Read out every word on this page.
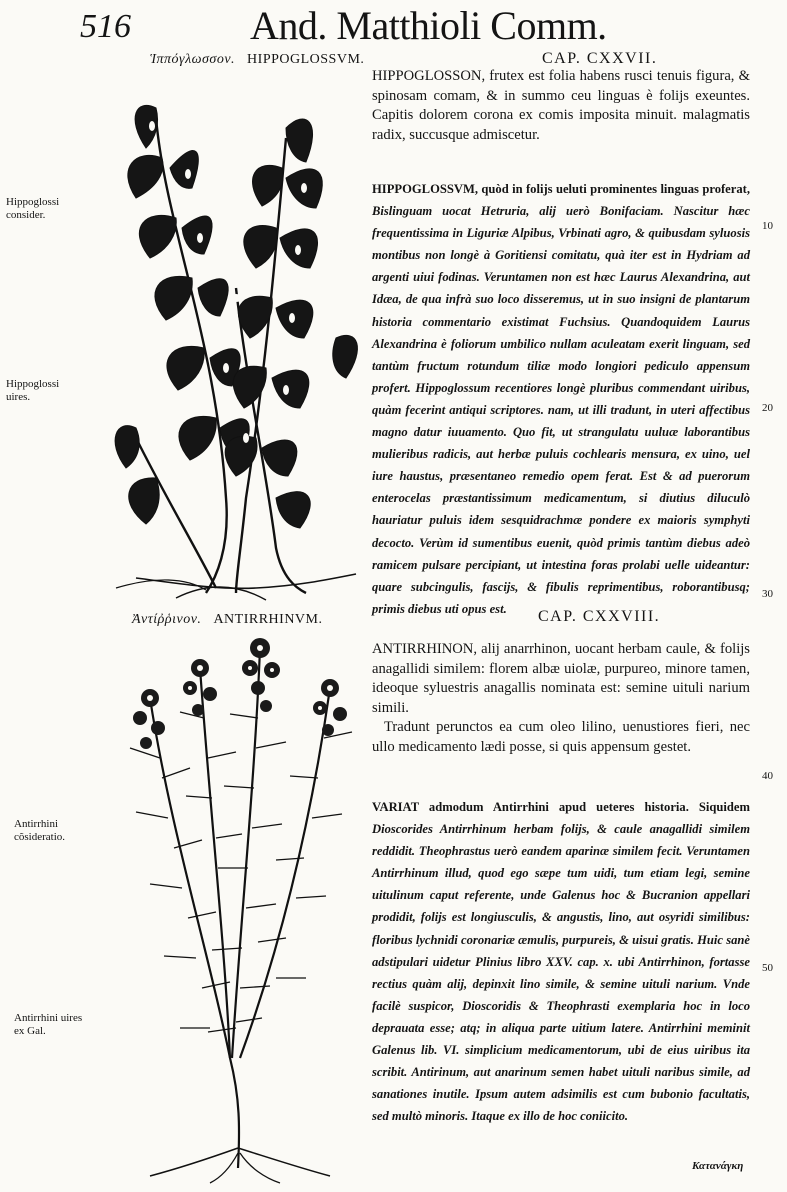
516	And. Matthioli Comm.
Ἱππόγλωσσον. HIPPOGLOSSVM.	CAP. CXXVII.

HIPPOGLOSSON, frutex est folia habens rusci tenuis figura, & spinosam comam, & in summo ceu linguas è folijs exeuntes. Capitis dolorem corona ex comis imposita minuit. malagmatis radix, succusque admiscetur.

HIPPOGLOSSVM, quòd in folijs ueluti prominentes linguas proferat, Bislinguam uocat Hetruria, alij uerò Bonifaciam. Nascitur hæc frequentissima in Liguriæ Alpibus, Vrbinati agro, & quibusdam syluosis montibus non longè à Goritiensi comitatu, quà iter est in Hydriam ad argenti uiui fodinas. Veruntamen non est hæc Laurus Alexandrina, aut Idæa, de qua infrà suo loco disseremus, ut in suo insigni de plantarum historia commentario existimat Fuchsius. Quandoquidem Laurus Alexandrina è foliorum umbilico nullam aculeatam exerit linguam, sed tantùm fructum rotundum tiliæ modo longiori pediculo appensum profert. Hippoglossum recentiores longè pluribus commendant uiribus, quàm fecerint antiqui scriptores. nam, ut illi tradunt, in uteri affectibus magno datur iuuamento. Quo fit, ut strangulatu uuluæ laborantibus mulieribus radicis, aut herbæ puluis cochlearis mensura, ex uino, uel iure haustus, præsentaneo remedio opem ferat. Est & ad puerorum enterocelas præstantissimum medicamentum, si diutius diluculò hauriatur puluis idem sesquidrachmæ pondere ex maioris symphyti decocto. Verùm id sumentibus euenit, quòd primis tantùm diebus adeò ramicem pulsare percipiant, ut intestina foras prolabi uelle uideantur: quare subcingulis, fascijs, & fibulis reprimentibus, roborantibusq; primis diebus uti opus est.

Hippoglossi consider.
Hippoglossi uires.
Ἀντίῤῥινον. ANTIRRHINVM.	CAP. CXXVIII.

ANTIRRHINON, alij anarrhinon, uocant herbam caule, & folijs anagallidi similem: florem albæ uiolæ, purpureo, minore tamen, ideoque syluestris anagallis nominata est: semine uituli narium simili.

Tradunt perunctos ea cum oleo lilino, uenustiores fieri, nec ullo medicamento lædi posse, si quis appensum gestet.

VARIAT admodum Antirrhini apud ueteres historia. Siquidem Dioscorides Antirrhinum herbam folijs, & caule anagallidi similem reddidit. Theophrastus uerò eandem aparinæ similem fecit. Veruntamen Antirrhinum illud, quod ego sæpe tum uidi, tum etiam legi, semine uitulinum caput referente, unde Galenus hoc & Bucranion appellari prodidit, folijs est longiusculis, & angustis, lino, aut osyridi similibus: floribus lychnidi coronariæ æmulis, purpureis, & uisui gratis. Huic sanè adstipulari uidetur Plinius libro XXV. cap. x. ubi Antirrhinon, fortasse rectius quàm alij, depinxit lino simile, & semine uituli narium. Vnde facilè suspicor, Dioscoridis & Theophrasti exemplaria hoc in loco deprauata esse; atq; in aliqua parte uitium latere. Antirrhini meminit Galenus lib. VI. simplicium medicamentorum, ubi de eius uiribus ita scribit. Antirinum, aut anarinum semen habet uituli naribus simile, ad sanationes inutile. Ipsum autem adsimilis est cum bubonio facultatis, sed multò minoris. Itaque ex illo de hoc coniicito.

Antirrhini cõsideratio.
Antirrhini uires ex Gal.
10
20
30
40
50
Κατανάγκη
